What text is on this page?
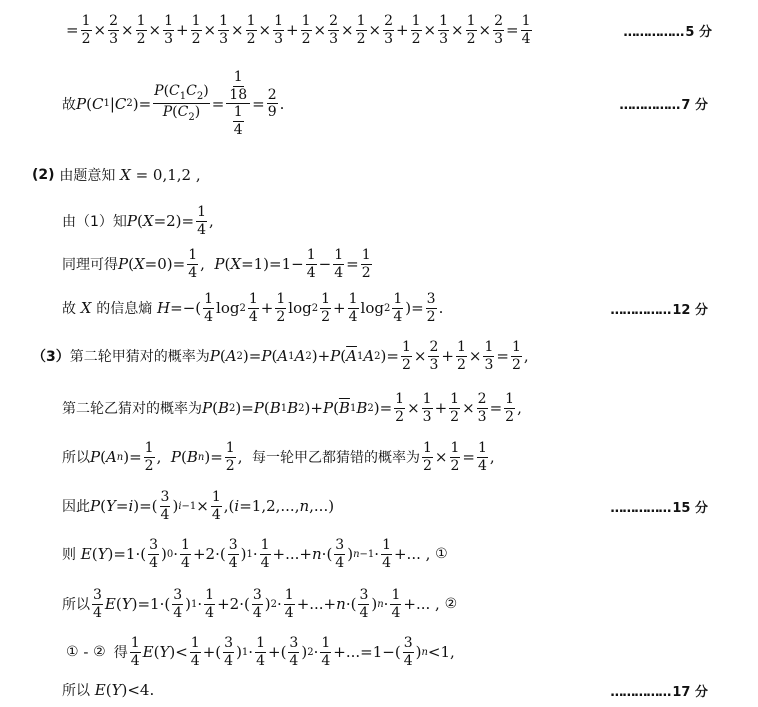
= $\frac{1}{2} \times \frac{2}{3} \times \frac{1}{2} \times \frac{1}{3} + \frac{1}{2} \times \frac{1}{3} \times \frac{1}{2} \times \frac{1}{3} + \frac{1}{2} \times \frac{2}{3} \times \frac{1}{2} \times \frac{2}{3} + \frac{1}{2} \times \frac{1}{3} \times \frac{1}{2} \times \frac{2}{3} = \frac{1}{4}$	…………… 5 分
故 P ( C 1 | C 2 )= $\frac{P(C_1C_2)}{P(C_2)} = \frac{\frac{1}{18}}{\frac{1}{4}} = \frac{2}{9}$ .	…………… 7 分
(2)
由题意知
X = 0,1,2 ,
由（1）知 P ( $X =2)= \frac{1}{4}$ ,
同理可得 P ( $X =0)= \frac{1}{4}$ , P ( $X =1)=1- \frac{1}{4} - \frac{1}{4} = \frac{1}{2}$
故
X
的信息熵
H =−( $\frac{1}{4}$ $\log 2 \frac{1}{4} + \frac{1}{2}$ $\log 2 \frac{1}{2} + \frac{1}{4}$ $\log 2 \frac{1}{4}$ )= $\frac{3}{2}$ .	…………… 12 分
（3） 第二轮甲猜对的概率为 P ( A 2 )= P ( A 1 A 2 )+ P ( $\overline{A}$ 1 A 2 )= $\frac{1}{2} \times \frac{2}{3} + \frac{1}{2} \times \frac{1}{3} = \frac{1}{2}$ ,
第二轮乙猜对的概率为 P ( B 2 )= P ( B 1 B 2 )+ P ( $\overline{B}$ 1 B 2 )= $\frac{1}{2} \times \frac{1}{3} + \frac{1}{2} \times \frac{2}{3} = \frac{1}{2}$ ,
所以 P ( A n )= $\frac{1}{2}$ , P ( B n )= $\frac{1}{2}$ , 每一轮甲乙都猜错的概率为 $\frac{1}{2} \times \frac{1}{2} = \frac{1}{4}$ ,
因此 P ( Y = i )=( $\frac{3}{4}$ ) $i-1 \times \frac{1}{4}$ ,( i =1,2,..., n ,...)	…………… 15 分
则
E ( Y )$=1\cdot( \frac{3}{4}$ ) $0 \cdot \frac{1}{4} +2\cdot( \frac{3}{4}$ ) $1 \cdot \frac{1}{4}$ +...+ n ·( $\frac{3}{4}$ ) $n-1 \cdot \frac{1}{4}$ +... , ①
所以 $\frac{3}{4}$ E ( Y )$=1\cdot( \frac{3}{4}$ ) $1 \cdot \frac{1}{4} +2\cdot( \frac{3}{4}$ ) $2 \cdot \frac{1}{4}$ +...+ n ·( $\frac{3}{4}$ ) $n \cdot \frac{1}{4}$ +... , ②
① - ② 得 $\frac{1}{4}$ E ( Y )< $\frac{1}{4}$ +( $\frac{3}{4}$ ) $1 \cdot \frac{1}{4}$ +( $\frac{3}{4}$ ) $2 \cdot \frac{1}{4} +...=1-( \frac{3}{4}$ ) n <1,
所以
E ( Y )<4.	…………… 17 分
